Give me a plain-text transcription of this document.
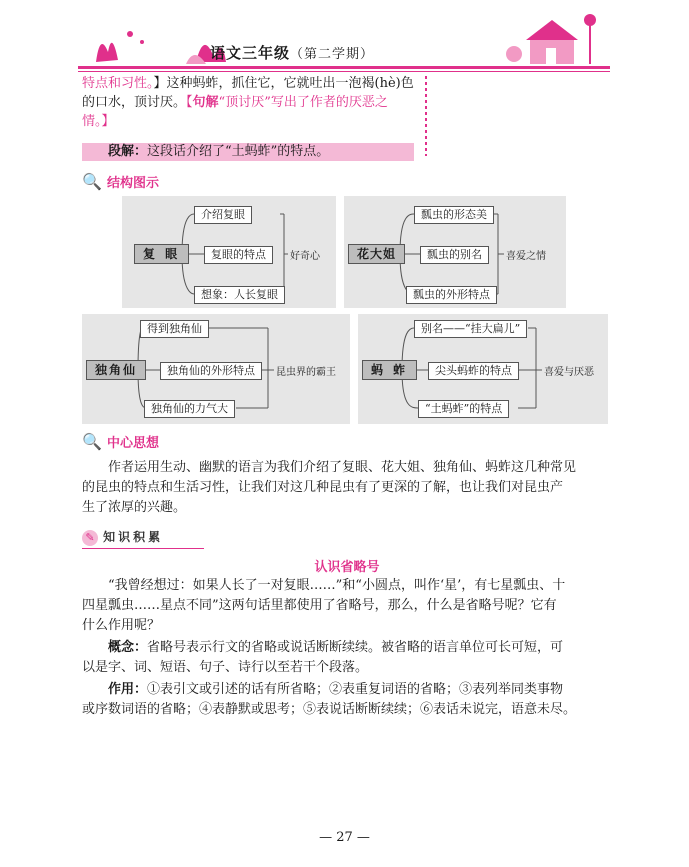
语文三年级（第二学期）
特点和习性。】这种蚂蚱，抓住它，它就吐出一泡褐(hè)色的口水，顶讨厌。【句解“顶讨厌”写出了作者的厌恶之情。】
段解：这段话介绍了“土蚂蚱”的特点。
🔍 结构图示
复 眼
介绍复眼
复眼的特点
想象：人长复眼
好奇心	花大姐
瓢虫的形态美
瓢虫的别名
瓢虫的外形特点
喜爱之情
独角仙
得到独角仙
独角仙的外形特点
独角仙的力气大
昆虫界的霸王	蚂 蚱
别名——“挂大扁儿”
尖头蚂蚱的特点
“土蚂蚱”的特点
喜爱与厌恶
🔍 中心思想
作者运用生动、幽默的语言为我们介绍了复眼、花大姐、独角仙、蚂蚱这几种常见
的昆虫的特点和生活习性，让我们对这几种昆虫有了更深的了解，也让我们对昆虫产
生了浓厚的兴趣。
✎ 知识积累
认识省略号
“我曾经想过：如果人长了一对复眼……”和“小圆点，叫作‘星’，有七星瓢虫、十
四星瓢虫……星点不同”这两句话里都使用了省略号，那么，什么是省略号呢？它有
什么作用呢？
概念：省略号表示行文的省略或说话断断续续。被省略的语言单位可长可短，可
以是字、词、短语、句子、诗行以至若干个段落。
作用：①表引文或引述的话有所省略；②表重复词语的省略；③表列举同类事物
或序数词语的省略；④表静默或思考；⑤表说话断断续续；⑥表话未说完，语意未尽。
— 27 —
